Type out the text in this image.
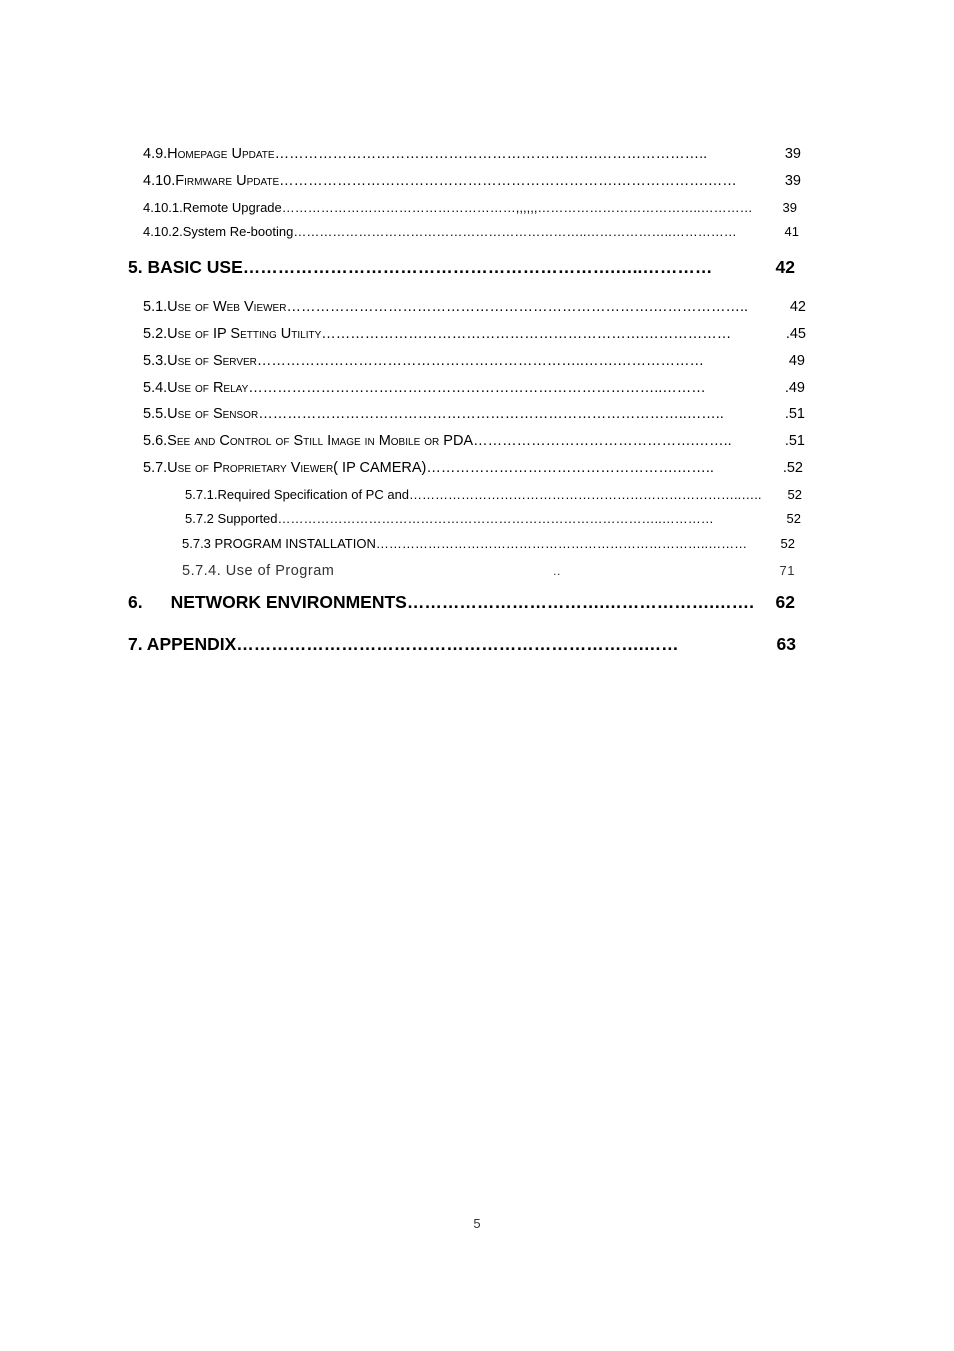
4.9.Homepage Update ………………………………………………………….…………………..	39
4.10.Firmware Update …………………………………………………………….……………….……	39
4.10.1.Remote Upgrade ………………………………………………,,,,,,………………………………..…………	39
4.10.2.System Re-booting …………………………………………………………..………………..……………	41
5. BASIC USE ……………………………………………………….…..…………	42
5.1.Use of Web Viewer ………………………………………………………………….………………..	42
5.2.Use of IP Setting Utility ………………………………………………………….………………	.45
5.3.Use of Server …………………………………………………………..…….………………	49
5.4.Use of Relay …………………………………………………………………………..………	.49
5.5.Use of Sensor ……………………………………………………………………………..……..	.51
5.6.See and Control of Still Image in Mobile or PDA ……………………………………….……..	.51
5.7.Use of Proprietary Viewer( IP CAMERA) …………………………………………….……..	.52
5.7.1.Required Specification of PC and …………………………………………………………………..…..	52
5.7.2 Supported ……………………………………………………………………………..…………	52
5.7.3 PROGRAM INSTALLATION …………………………………………………………………..………	52
5.7.4. Use of Program	..	71
6. NETWORK ENVIRONMENTS …………………………….……………….…….	62
7. APPENDIX …………………………………………………………….……	63
5
